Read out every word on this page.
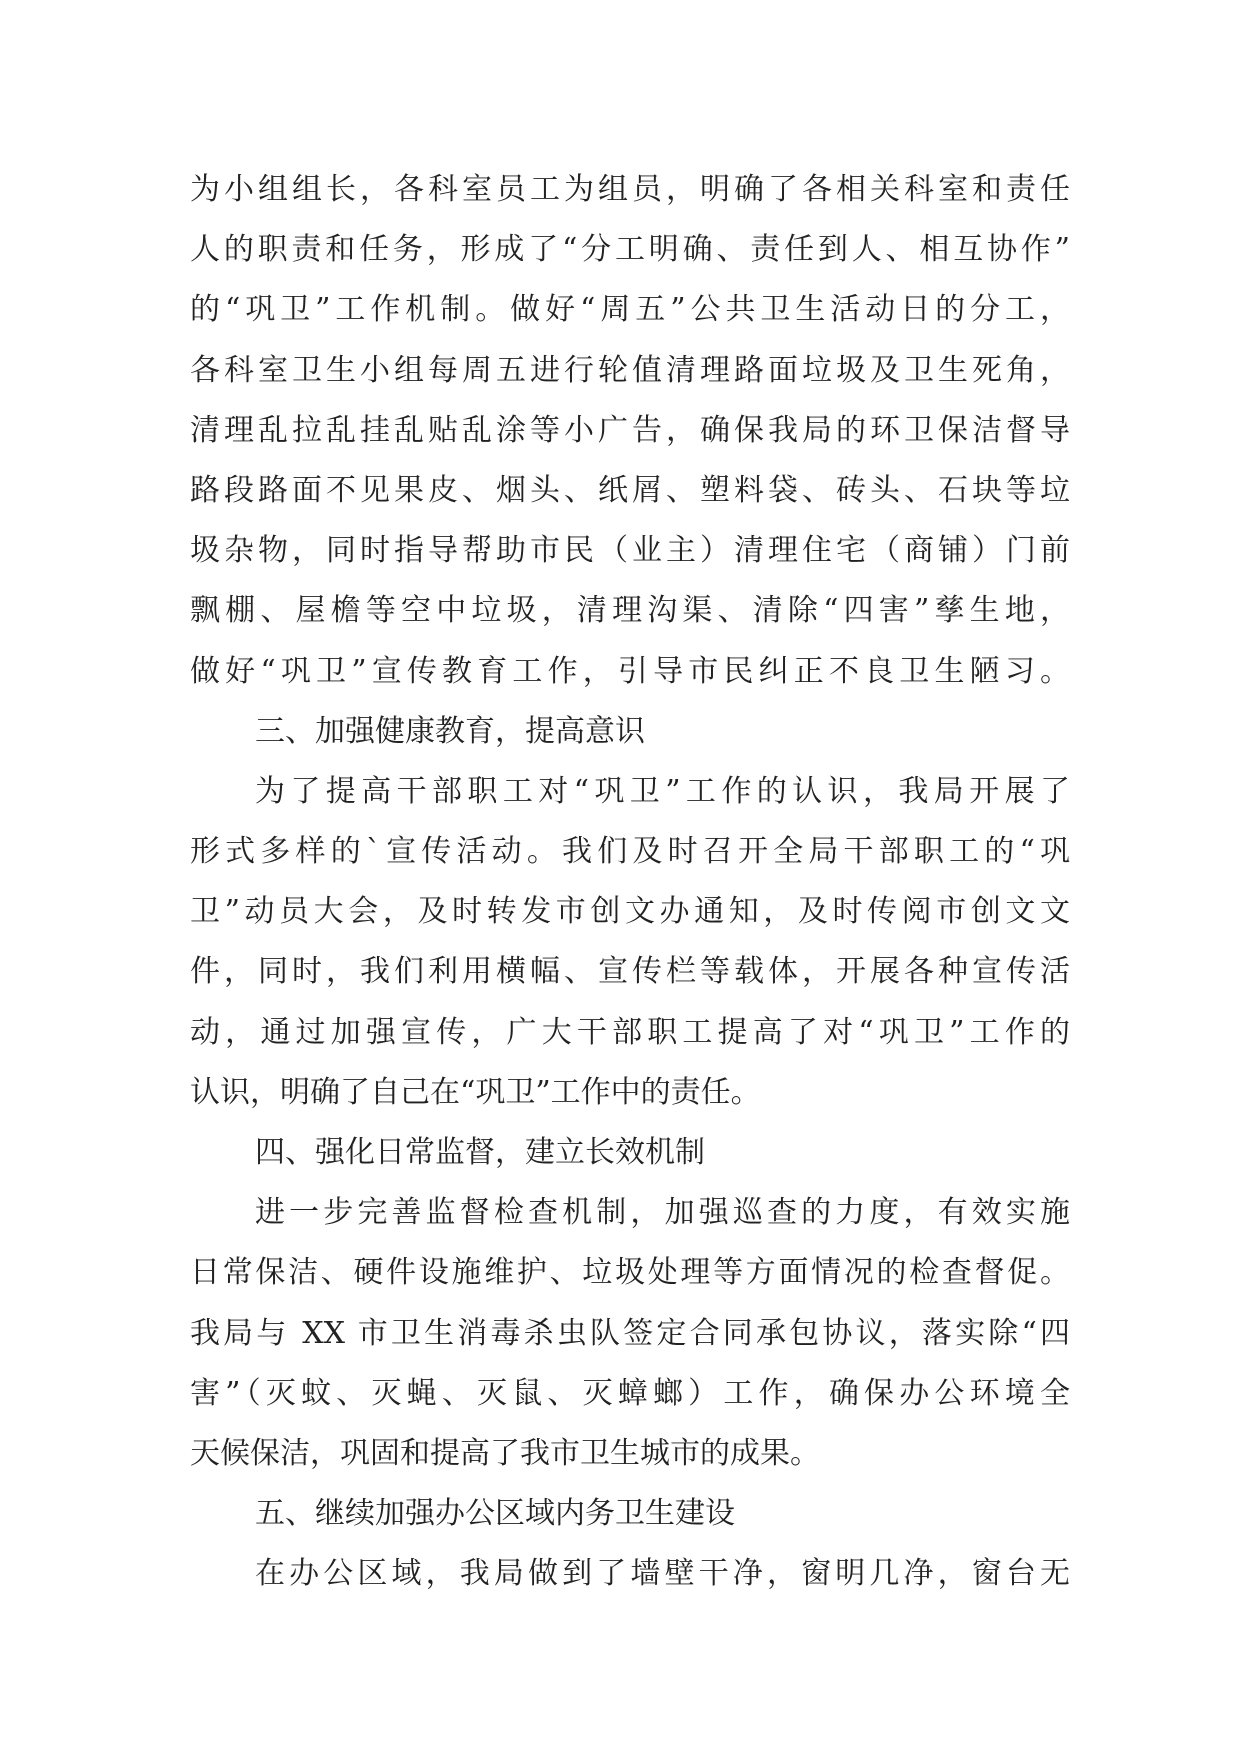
为小组组长，各科室员工为组员，明确了各相关科室和责任
人的职责和任务，形成了“分工明确、责任到人、相互协作”
的“巩卫”工作机制。做好“周五”公共卫生活动日的分工，
各科室卫生小组每周五进行轮值清理路面垃圾及卫生死角，
清理乱拉乱挂乱贴乱涂等小广告，确保我局的环卫保洁督导
路段路面不见果皮、烟头、纸屑、塑料袋、砖头、石块等垃
圾杂物，同时指导帮助市民（业主）清理住宅（商铺）门前
飘棚、屋檐等空中垃圾，清理沟渠、清除“四害”孳生地，
做好“巩卫”宣传教育工作，引导市民纠正不良卫生陋习。
三、加强健康教育，提高意识
为了提高干部职工对“巩卫”工作的认识，我局开展了
形式多样的`宣传活动。我们及时召开全局干部职工的“巩
卫”动员大会，及时转发市创文办通知，及时传阅市创文文
件，同时，我们利用横幅、宣传栏等载体，开展各种宣传活
动，通过加强宣传，广大干部职工提高了对“巩卫”工作的
认识，明确了自己在“巩卫”工作中的责任。
四、强化日常监督，建立长效机制
进一步完善监督检查机制，加强巡查的力度，有效实施
日常保洁、硬件设施维护、垃圾处理等方面情况的检查督促。
我局与 XX 市卫生消毒杀虫队签定合同承包协议，落实除“四
害”（灭蚊、灭蝇、灭鼠、灭蟑螂）工作，确保办公环境全
天候保洁，巩固和提高了我市卫生城市的成果。
五、继续加强办公区域内务卫生建设
在办公区域，我局做到了墙壁干净，窗明几净，窗台无
